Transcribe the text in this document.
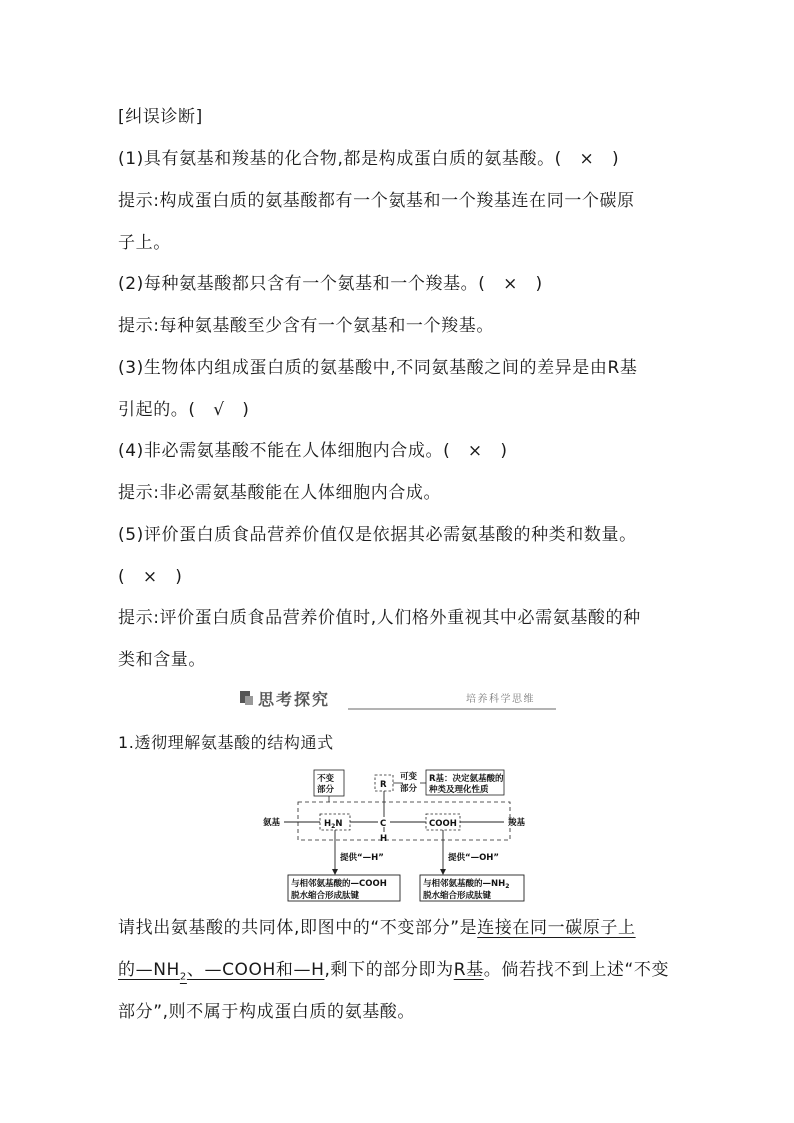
[纠误诊断]
(1)具有氨基和羧基的化合物,都是构成蛋白质的氨基酸。(　×　)
提示:构成蛋白质的氨基酸都有一个氨基和一个羧基连在同一个碳原
子上。
(2)每种氨基酸都只含有一个氨基和一个羧基。(　×　)
提示:每种氨基酸至少含有一个氨基和一个羧基。
(3)生物体内组成蛋白质的氨基酸中,不同氨基酸之间的差异是由R基
引起的。(　√　)
(4)非必需氨基酸不能在人体细胞内合成。(　×　)
提示:非必需氨基酸能在人体细胞内合成。
(5)评价蛋白质食品营养价值仅是依据其必需氨基酸的种类和数量。
(　×　)
提示:评价蛋白质食品营养价值时,人们格外重视其中必需氨基酸的种
类和含量。
思考探究	培养科学思维
1.透彻理解氨基酸的结构通式
不变
部分	R
可变
部分
R基：决定氨基酸的
种类及理化性质
氨基	$H_2N$	C	COOH	羧基
H
提供“—H”	提供“—OH”
与相邻氨基酸的—COOH
脱水缩合形成肽键
与相邻氨基酸的$—NH_2$
脱水缩合形成肽键
请找出氨基酸的共同体,即图中的“不变部分”是连接在同一碳原子上
的$—NH_2$、—COOH和—H,剩下的部分即为R基。倘若找不到上述“不变
部分”,则不属于构成蛋白质的氨基酸。
